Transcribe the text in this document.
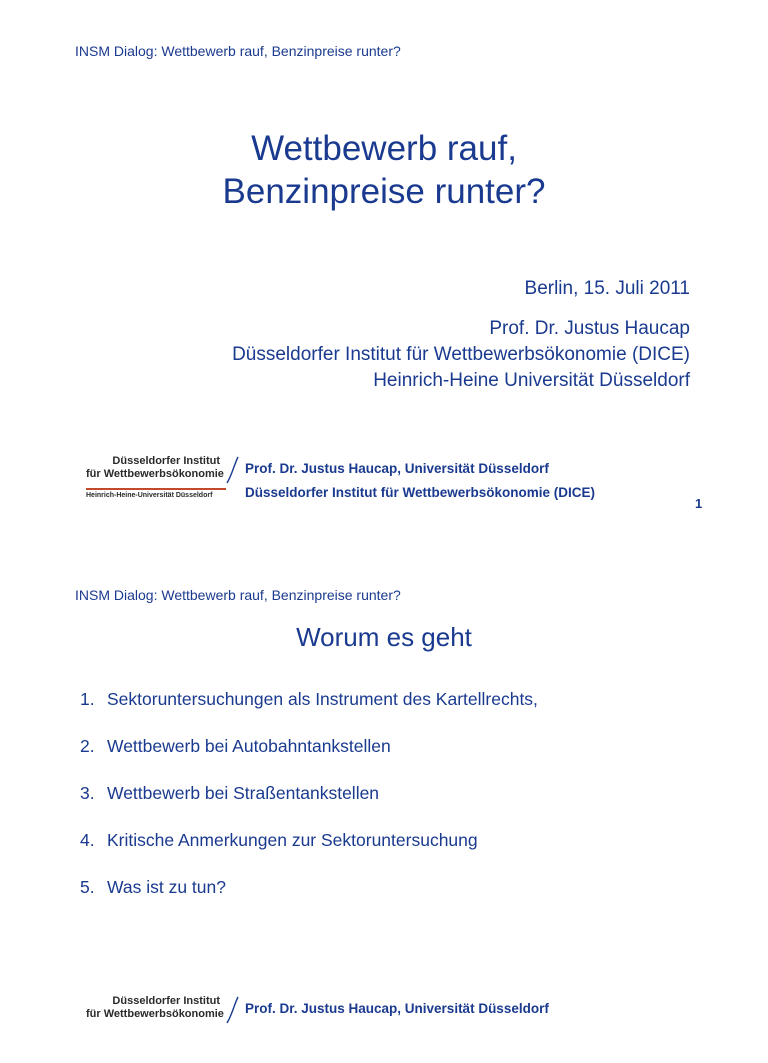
INSM Dialog: Wettbewerb rauf, Benzinpreise runter?
Wettbewerb rauf,
Benzinpreise runter?
Berlin, 15. Juli 2011
Prof. Dr. Justus Haucap
Düsseldorfer Institut für Wettbewerbsökonomie (DICE)
Heinrich-Heine Universität Düsseldorf
Düsseldorfer Institut
für Wettbewerbsökonomie
Heinrich-Heine-Universität Düsseldorf
Prof. Dr. Justus Haucap, Universität Düsseldorf
Düsseldorfer Institut für Wettbewerbsökonomie (DICE)
1
INSM Dialog: Wettbewerb rauf, Benzinpreise runter?
Worum es geht
1. Sektoruntersuchungen als Instrument des Kartellrechts,
2. Wettbewerb bei Autobahntankstellen
3. Wettbewerb bei Straßentankstellen
4. Kritische Anmerkungen zur Sektoruntersuchung
5. Was ist zu tun?
Düsseldorfer Institut
für Wettbewerbsökonomie Prof. Dr. Justus Haucap, Universität Düsseldorf
